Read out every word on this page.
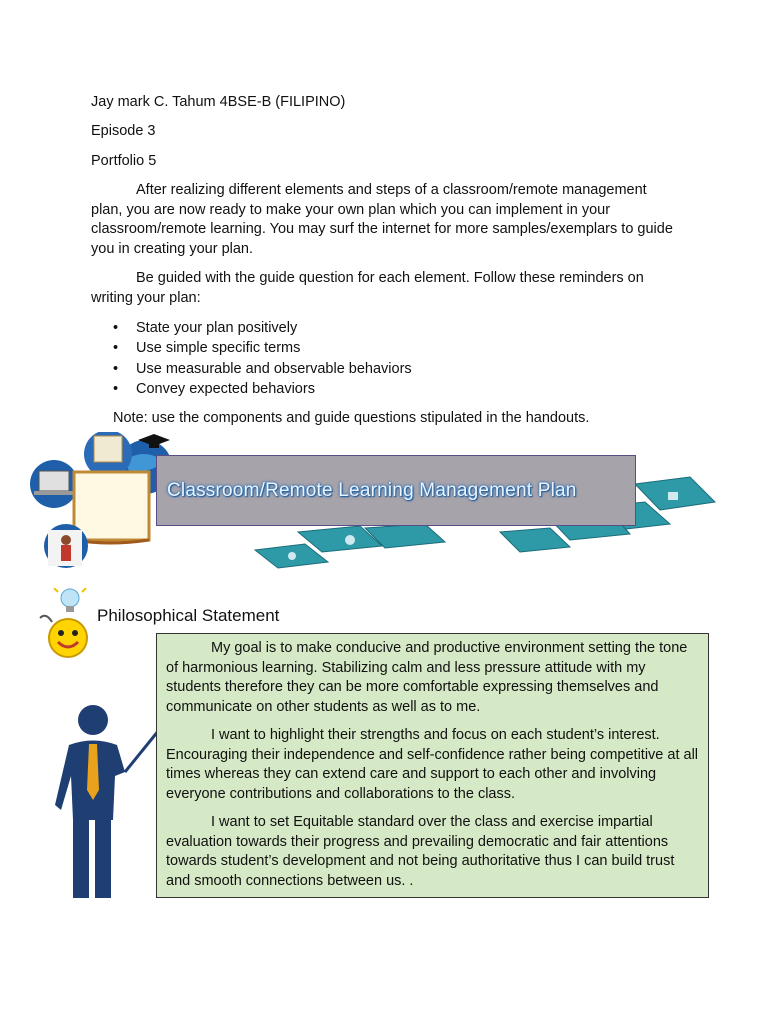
Jay mark C. Tahum 4BSE-B (FILIPINO)
Episode 3
Portfolio 5
After realizing different elements and steps of a classroom/remote management plan, you are now ready to make your own plan which you can implement in your classroom/remote learning. You may surf the internet for more samples/exemplars to guide you in creating your plan.
Be guided with the guide question for each element. Follow these reminders on writing your plan:
• State your plan positively
• Use simple specific terms
• Use measurable and observable behaviors
• Convey expected behaviors
Note: use the components and guide questions stipulated in the handouts.
Classroom/Remote Learning Management Plan
Philosophical Statement

My goal is to make conducive and productive environment setting the tone of harmonious learning. Stabilizing calm and less pressure attitude with my students therefore they can be more comfortable expressing themselves and communicate on other students as well as to me.

I want to highlight their strengths and focus on each student’s interest. Encouraging their independence and self-confidence rather being competitive at all times whereas they can extend care and support to each other and involving everyone contributions and collaborations to the class.

I want to set Equitable standard over the class and exercise impartial evaluation towards their progress and prevailing democratic and fair attentions towards student’s development and not being authoritative thus I can build trust and smooth connections between us. .
